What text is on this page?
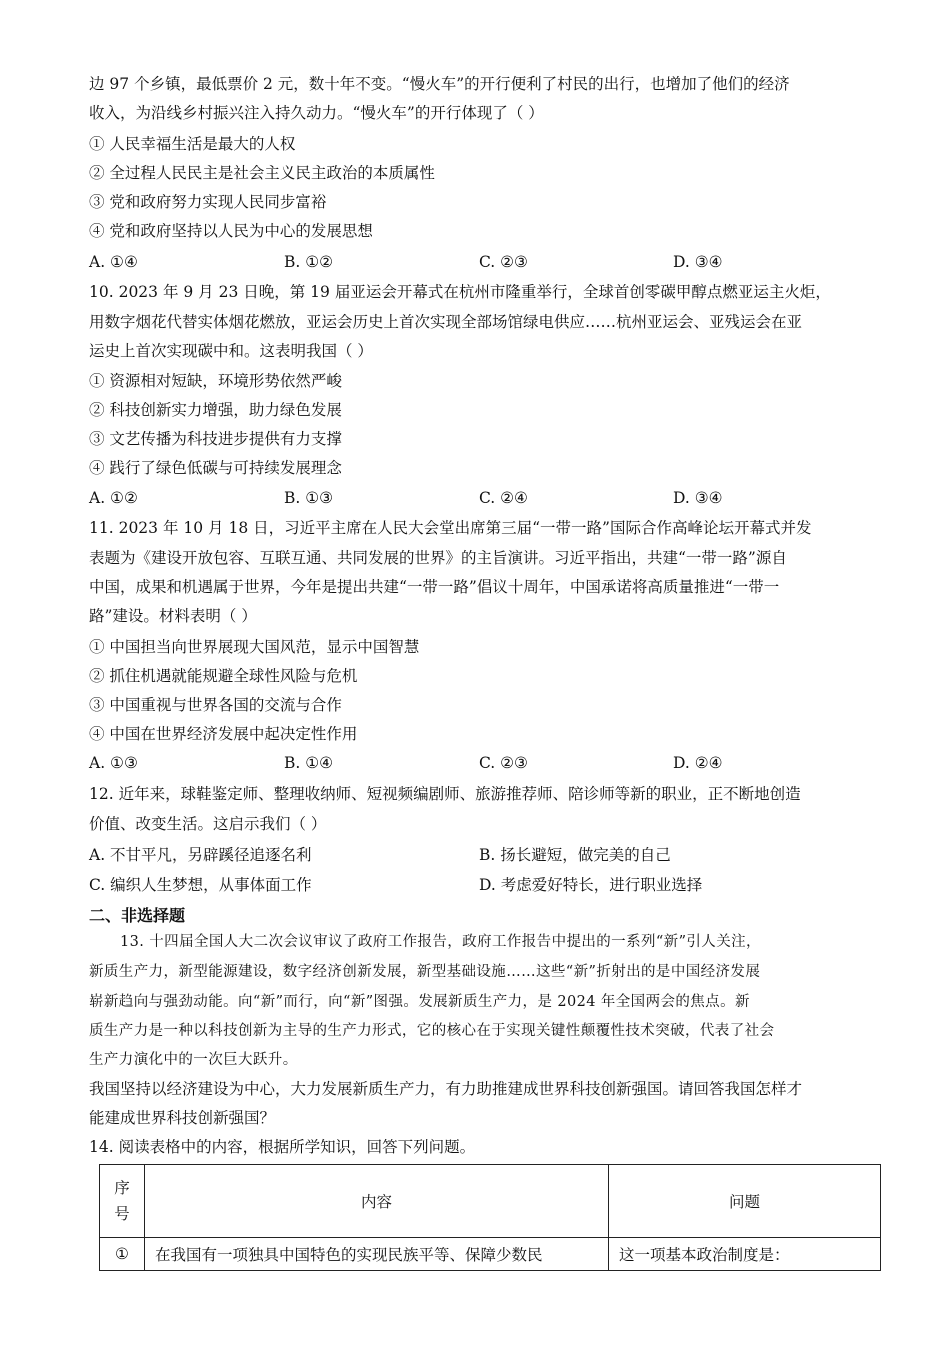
边 97 个乡镇，最低票价 2 元，数十年不变。“慢火车”的开行便利了村民的出行，也增加了他们的经济
收入，为沿线乡村振兴注入持久动力。“慢火车”的开行体现了（ ）
① 人民幸福生活是最大的人权
② 全过程人民民主是社会主义民主政治的本质属性
③ 党和政府努力实现人民同步富裕
④ 党和政府坚持以人民为中心的发展思想
A. ①④	B. ①②	C. ②③	D. ③④
10. 2023 年 9 月 23 日晚，第 19 届亚运会开幕式在杭州市隆重举行，全球首创零碳甲醇点燃亚运主火炬，
用数字烟花代替实体烟花燃放，亚运会历史上首次实现全部场馆绿电供应……杭州亚运会、亚残运会在亚
运史上首次实现碳中和。这表明我国（ ）
① 资源相对短缺，环境形势依然严峻
② 科技创新实力增强，助力绿色发展
③ 文艺传播为科技进步提供有力支撑
④ 践行了绿色低碳与可持续发展理念
A. ①②	B. ①③	C. ②④	D. ③④
11. 2023 年 10 月 18 日，习近平主席在人民大会堂出席第三届“一带一路”国际合作高峰论坛开幕式并发
表题为《建设开放包容、互联互通、共同发展的世界》的主旨演讲。习近平指出，共建“一带一路”源自
中国，成果和机遇属于世界，今年是提出共建“一带一路”倡议十周年，中国承诺将高质量推进“一带一
路”建设。材料表明（ ）
① 中国担当向世界展现大国风范，显示中国智慧
② 抓住机遇就能规避全球性风险与危机
③ 中国重视与世界各国的交流与合作
④ 中国在世界经济发展中起决定性作用
A. ①③	B. ①④	C. ②③	D. ②④
12. 近年来，球鞋鉴定师、整理收纳师、短视频编剧师、旅游推荐师、陪诊师等新的职业，正不断地创造
价值、改变生活。这启示我们（ ）
A. 不甘平凡，另辟蹊径追逐名利	B. 扬长避短，做完美的自己
C. 编织人生梦想，从事体面工作	D. 考虑爱好特长，进行职业选择
二、非选择题
13. 十四届全国人大二次会议审议了政府工作报告，政府工作报告中提出的一系列“新”引人关注，
新质生产力，新型能源建设，数字经济创新发展，新型基础设施……这些“新”折射出的是中国经济发展
崭新趋向与强劲动能。向“新”而行，向“新”图强。发展新质生产力，是 2024 年全国两会的焦点。新
质生产力是一种以科技创新为主导的生产力形式，它的核心在于实现关键性颠覆性技术突破，代表了社会
生产力演化中的一次巨大跃升。
我国坚持以经济建设为中心，大力发展新质生产力，有力助推建成世界科技创新强国。请回答我国怎样才
能建成世界科技创新强国？
14. 阅读表格中的内容，根据所学知识，回答下列问题。
序
号	内容	问题
①	在我国有一项独具中国特色的实现民族平等、保障少数民	这一项基本政治制度是：
